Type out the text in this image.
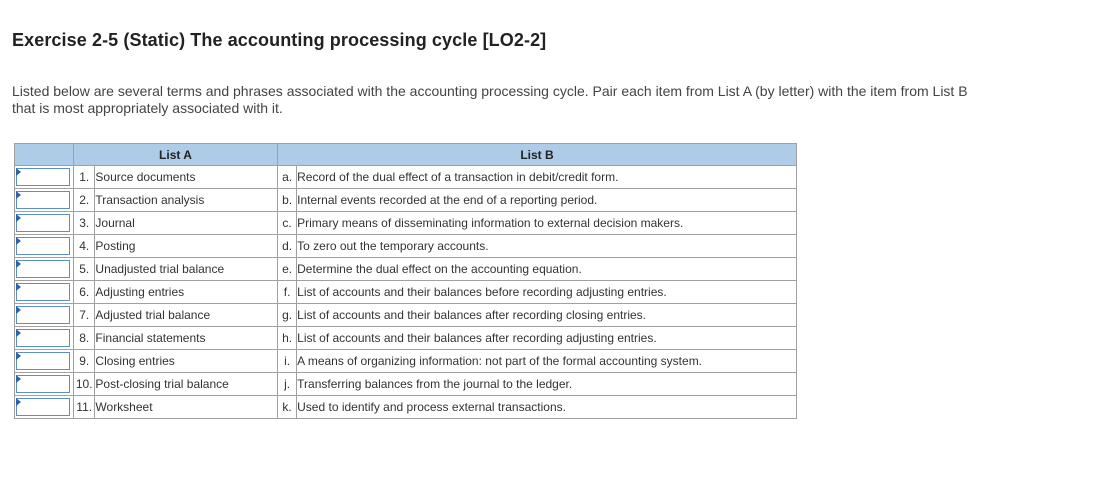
Exercise 2-5 (Static) The accounting processing cycle [LO2-2]
Listed below are several terms and phrases associated with the accounting processing cycle. Pair each item from List A (by letter) with the item from List B that is most appropriately associated with it.
	List A		List B	

	1.	Source documents	a.	Record of the dual effect of a transaction in debit/credit form.

	2.	Transaction analysis	b.	Internal events recorded at the end of a reporting period.

	3.	Journal	c.	Primary means of disseminating information to external decision makers.

	4.	Posting	d.	To zero out the temporary accounts.

	5.	Unadjusted trial balance	e.	Determine the dual effect on the accounting equation.

	6.	Adjusting entries	f.	List of accounts and their balances before recording adjusting entries.

	7.	Adjusted trial balance	g.	List of accounts and their balances after recording closing entries.

	8.	Financial statements	h.	List of accounts and their balances after recording adjusting entries.

	9.	Closing entries	i.	A means of organizing information: not part of the formal accounting system.

	10.	Post-closing trial balance	j.	Transferring balances from the journal to the ledger.

	11.	Worksheet	k.	Used to identify and process external transactions.
